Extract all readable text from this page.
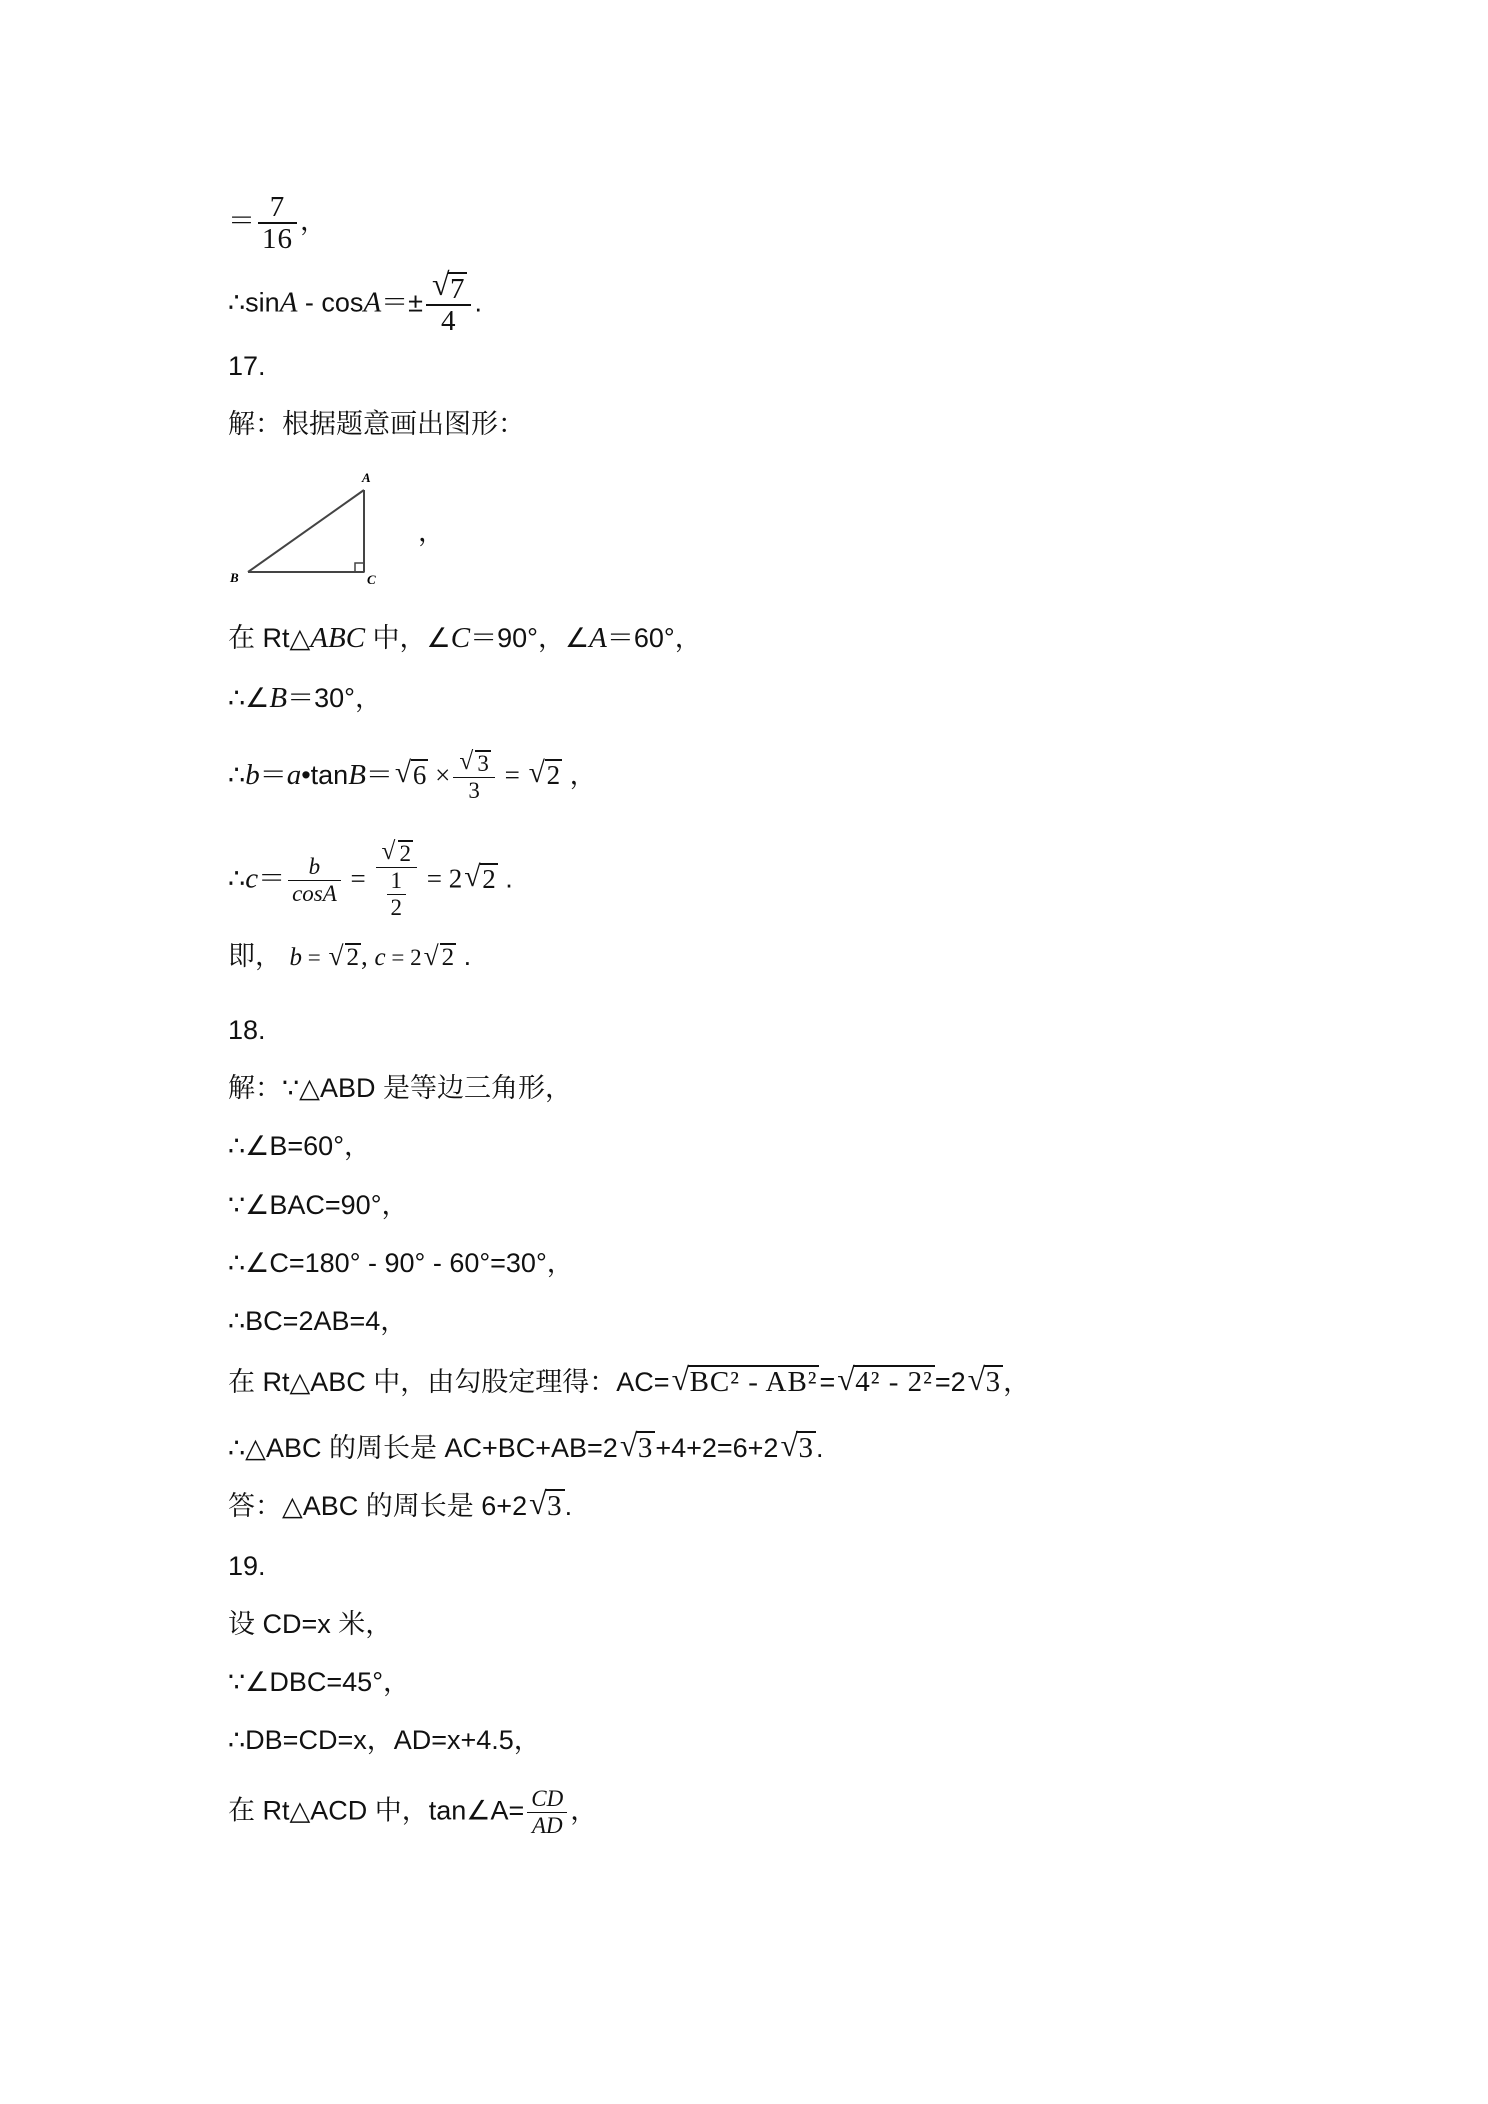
＝ $\frac{7}{16}$ ，
∴sinA - $\cos A=\pm \frac{√ 7}{4}$ .
17.
解：根据题意画出图形：
A
B	C
，
在 Rt△ABC 中，∠C＝90°，∠A＝60°，
∴∠B＝30°，
∴b＝a•tanB＝ √ $6 \times \frac{√ 3}{3}$ = √ 2 ，
∴c＝ $\frac{b}{\cos A} = \frac{√ 2}{\frac{1}{2}} = 2$ √ 2 .
即， b = √ 2, c = 2 √ 2 .
18.
解：∵△ABD 是等边三角形，
∴∠B=60°，
∵∠BAC=90°，
∴∠C=180° - 90° - 60°=30°，
∴BC=2AB=4，
在 Rt△ABC 中，由勾股定理得：AC= √ BC² - AB²= √ 4² - 2²=2 √ 3，
∴△ABC 的周长是 AC+BC+AB=2 √ 3+4+2=6+2 √ 3.
答：△ABC 的周长是 6+2 √ 3.
19.
设 CD=x 米，
∵∠DBC=45°，
∴DB=CD=x，AD=x+4.5，
在 Rt△ACD 中，tan∠A= $\frac{CD}{AD}$ ，
